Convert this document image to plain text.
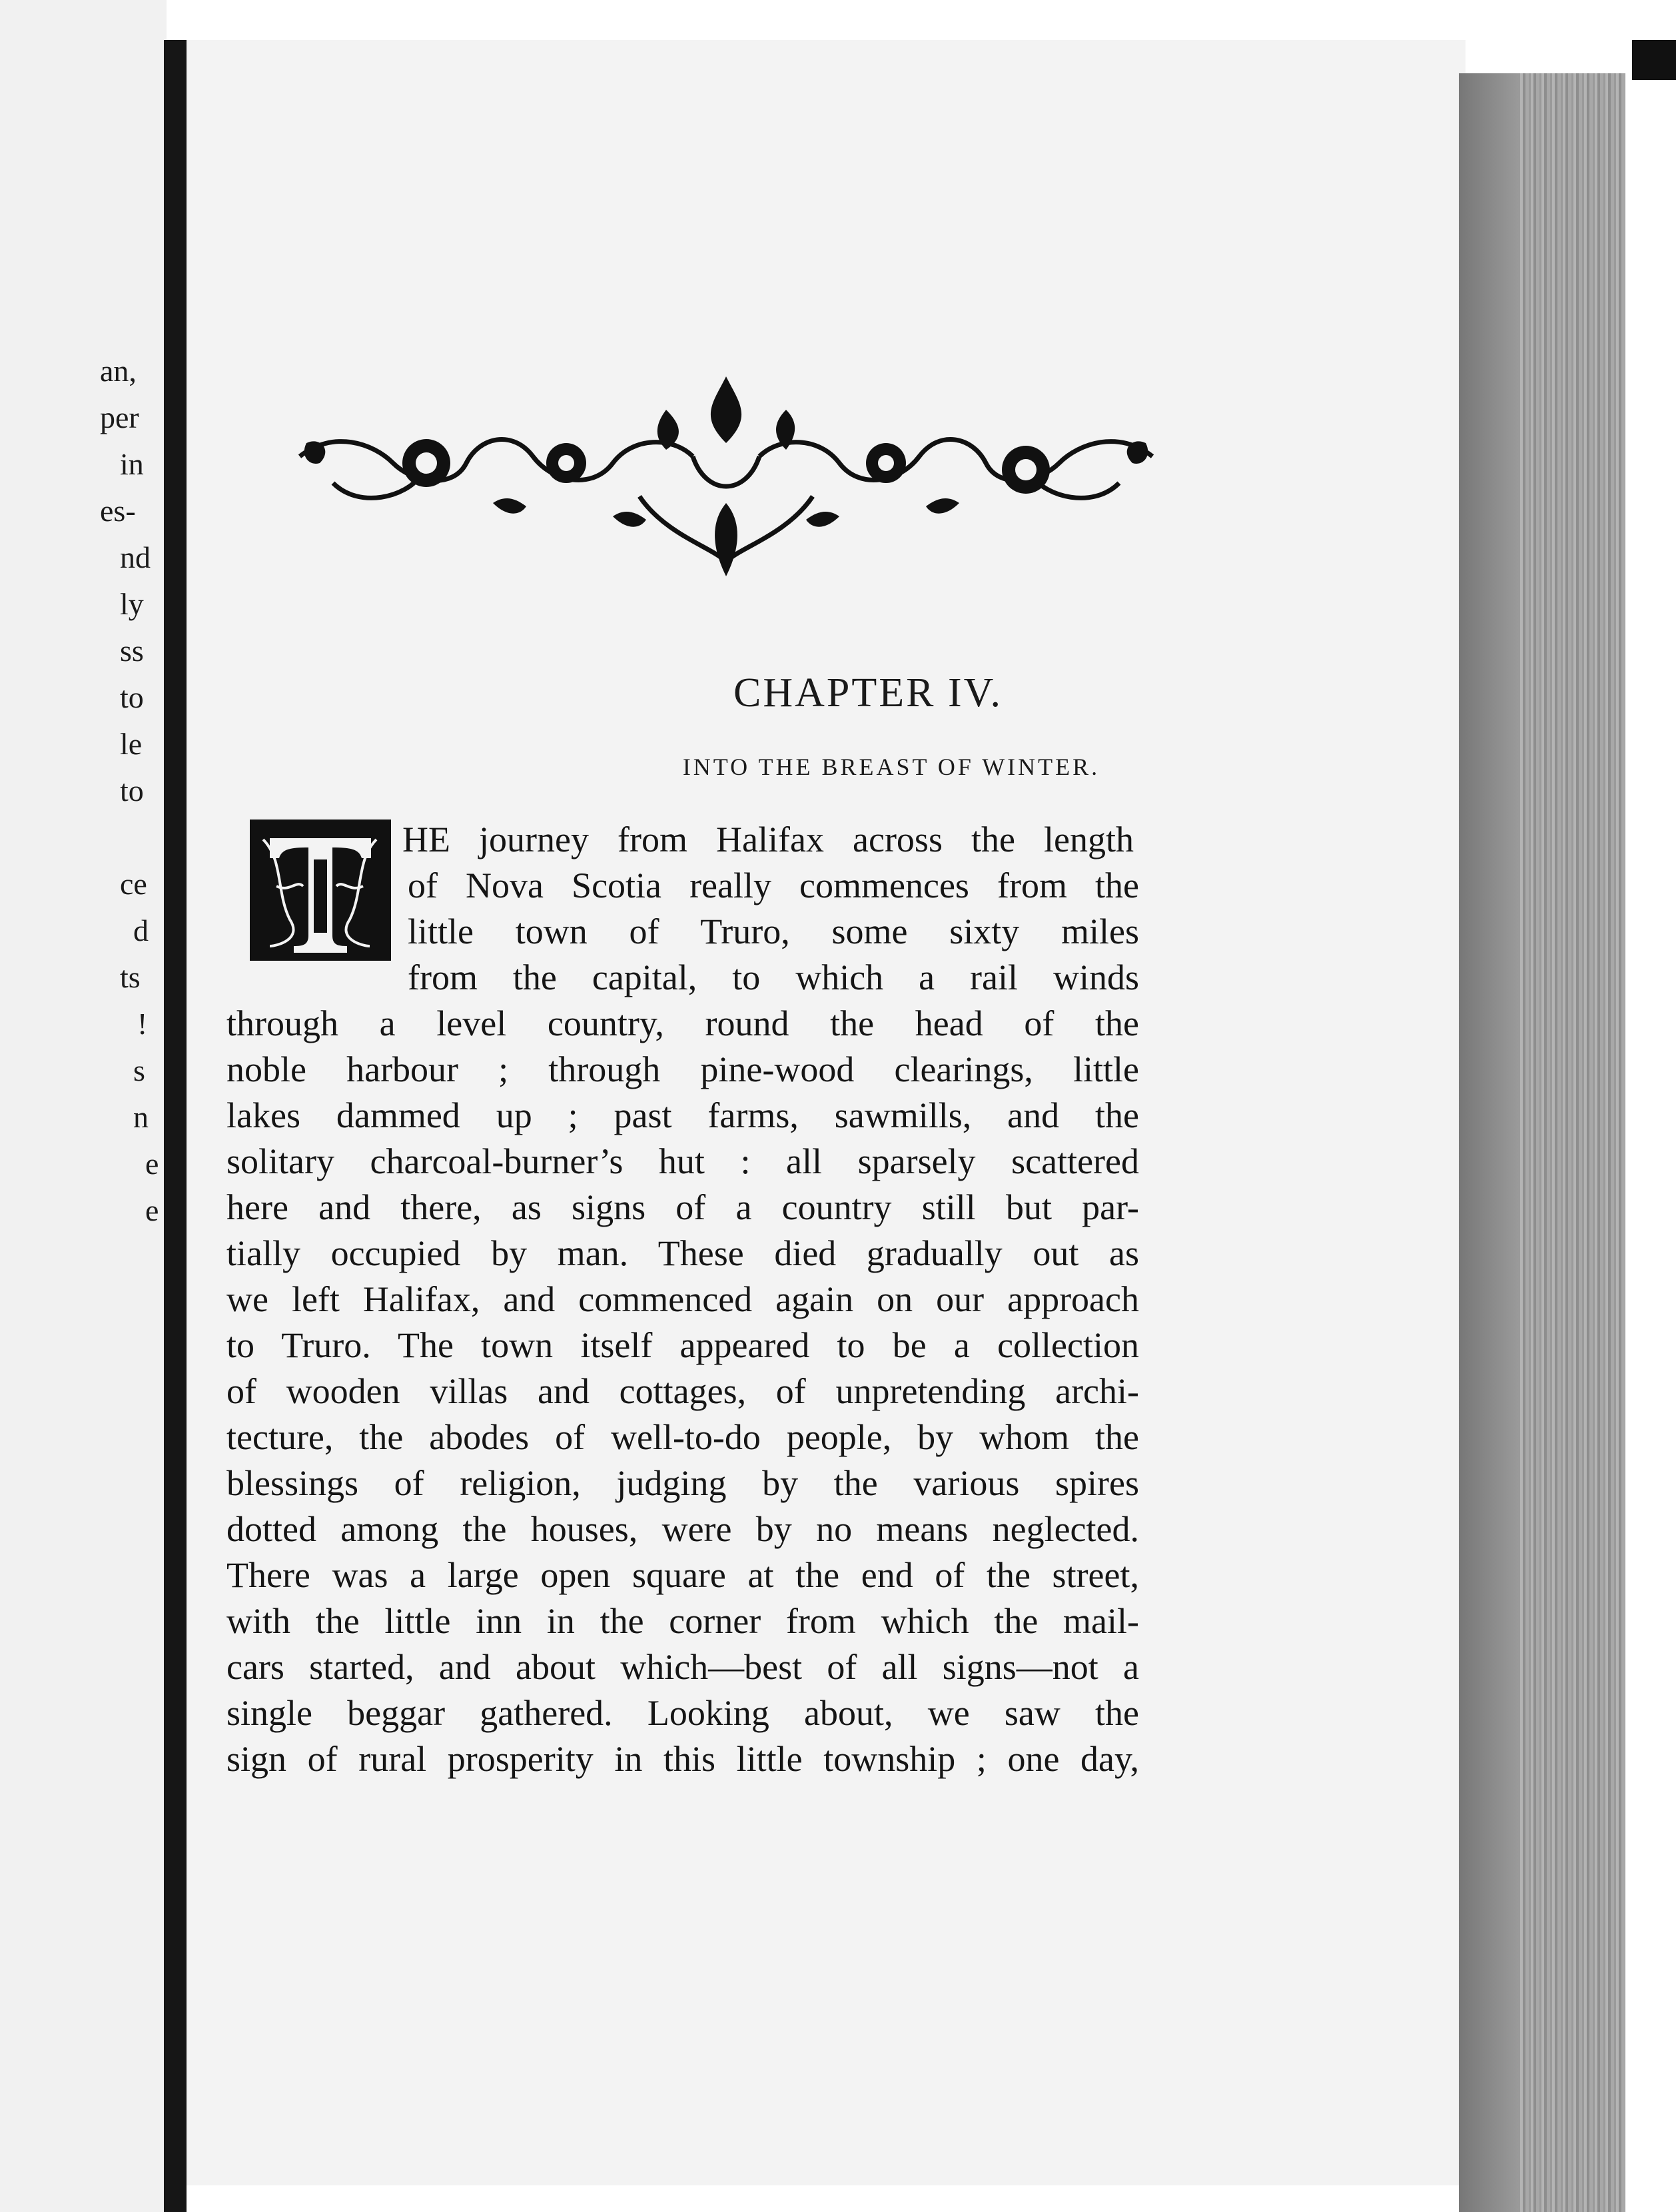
CHAPTER IV.
INTO THE BREAST OF WINTER.
HE journey from Halifax across the length
of Nova Scotia really commences from the
little town of Truro, some sixty miles
from the capital, to which a rail winds
through a level country, round the head of the
noble harbour ; through pine-wood clearings, little
lakes dammed up ; past farms, sawmills, and the
solitary charcoal-burner’s hut : all sparsely scattered
here and there, as signs of a country still but par-
tially occupied by man. These died gradually out as
we left Halifax, and commenced again on our approach
to Truro. The town itself appeared to be a collection
of wooden villas and cottages, of unpretending archi-
tecture, the abodes of well-to-do people, by whom the
blessings of religion, judging by the various spires
dotted among the houses, were by no means neglected.
There was a large open square at the end of the street,
with the little inn in the corner from which the mail-
cars started, and about which—best of all signs—not a
single beggar gathered. Looking about, we saw the
sign of rural prosperity in this little township ; one day,
an,
per
in
es-
nd
ly
ss
to
le
to
ce
d
ts
!
s
n
e
e
